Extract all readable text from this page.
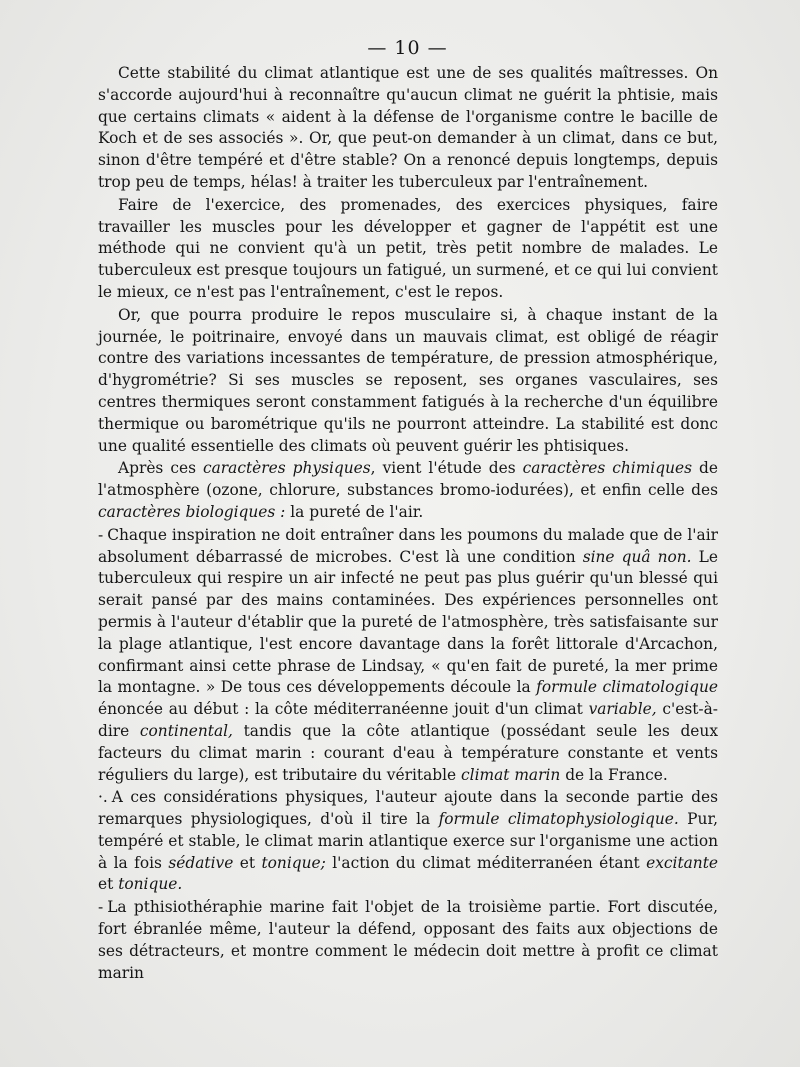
— 10 —

Cette stabilité du climat atlantique est une de ses qualités maîtresses. On s'accorde aujourd'hui à reconnaître qu'aucun climat ne guérit la phtisie, mais que certains climats « aident à la défense de l'organisme contre le bacille de Koch et de ses associés ». Or, que peut-on demander à un climat, dans ce but, sinon d'être tempéré et d'être stable? On a renoncé depuis longtemps, depuis trop peu de temps, hélas! à traiter les tuberculeux par l'entraînement.

Faire de l'exercice, des promenades, des exercices physiques, faire travailler les muscles pour les développer et gagner de l'appétit est une méthode qui ne convient qu'à un petit, très petit nombre de malades. Le tuberculeux est presque toujours un fatigué, un surmené, et ce qui lui convient le mieux, ce n'est pas l'entraînement, c'est le repos.

Or, que pourra produire le repos musculaire si, à chaque instant de la journée, le poitrinaire, envoyé dans un mauvais climat, est obligé de réagir contre des variations incessantes de température, de pression atmosphérique, d'hygrométrie? Si ses muscles se reposent, ses organes vasculaires, ses centres thermiques seront constamment fatigués à la recherche d'un équilibre thermique ou barométrique qu'ils ne pourront atteindre. La stabilité est donc une qualité essentielle des climats où peuvent guérir les phtisiques.

Après ces caractères physiques, vient l'étude des caractères chimiques de l'atmosphère (ozone, chlorure, substances bromo-iodurées), et enfin celle des caractères biologiques : la pureté de l'air.

- Chaque inspiration ne doit entraîner dans les poumons du malade que de l'air absolument débarrassé de microbes. C'est là une condition sine quâ non. Le tuberculeux qui respire un air infecté ne peut pas plus guérir qu'un blessé qui serait pansé par des mains contaminées. Des expériences personnelles ont permis à l'auteur d'établir que la pureté de l'atmosphère, très satisfaisante sur la plage atlantique, l'est encore davantage dans la forêt littorale d'Arcachon, confirmant ainsi cette phrase de Lindsay, « qu'en fait de pureté, la mer prime la montagne. » De tous ces développements découle la formule climatologique énoncée au début : la côte méditerranéenne jouit d'un climat variable, c'est-à-dire continental, tandis que la côte atlantique (possédant seule les deux facteurs du climat marin : courant d'eau à température constante et vents réguliers du large), est tributaire du véritable climat marin de la France.

·. A ces considérations physiques, l'auteur ajoute dans la seconde partie des remarques physiologiques, d'où il tire la formule climatophysiologique. Pur, tempéré et stable, le climat marin atlantique exerce sur l'organisme une action à la fois sédative et tonique; l'action du climat méditerranéen étant excitante et tonique.

- La pthisiothéraphie marine fait l'objet de la troisième partie. Fort discutée, fort ébranlée même, l'auteur la défend, opposant des faits aux objections de ses détracteurs, et montre comment le médecin doit mettre à profit ce climat marin
